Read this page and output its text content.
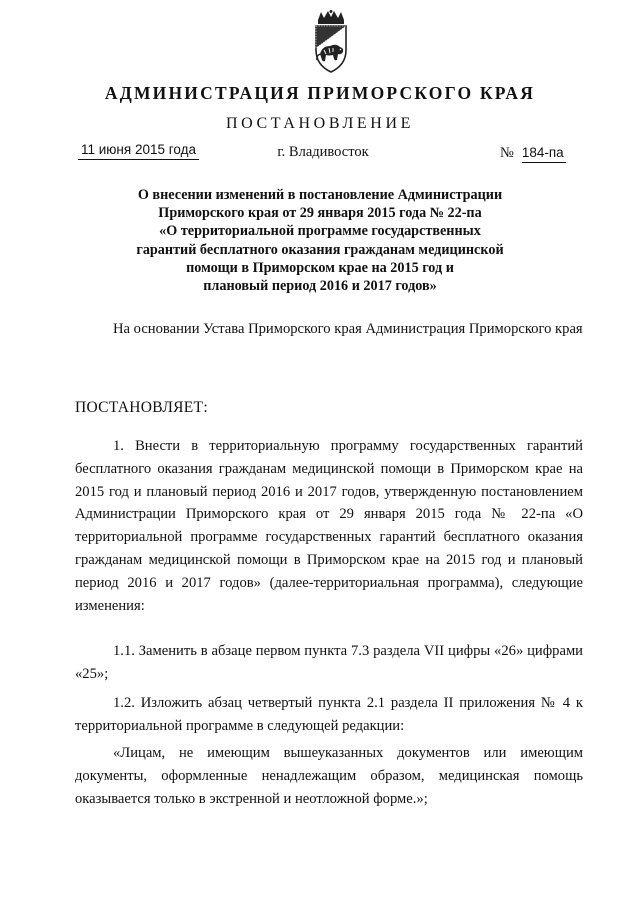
АДМИНИСТРАЦИЯ ПРИМОРСКОГО КРАЯ
ПОСТАНОВЛЕНИЕ
11 июня 2015 года	г. Владивосток	№ 184-па
О внесении изменений в постановление Администрации
Приморского края от 29 января 2015 года № 22-па
«О территориальной программе государственных
гарантий бесплатного оказания гражданам медицинской
помощи в Приморском крае на 2015 год и
плановый период 2016 и 2017 годов»
На основании Устава Приморского края Администрация Приморского края
ПОСТАНОВЛЯЕТ:
1. Внести в территориальную программу государственных гарантий бесплатного оказания гражданам медицинской помощи в Приморском крае на 2015 год и плановый период 2016 и 2017 годов, утвержденную постановлением Администрации Приморского края от 29 января 2015 года № 22-па «О территориальной программе государственных гарантий бесплатного оказания гражданам медицинской помощи в Приморском крае на 2015 год и плановый период 2016 и 2017 годов» (далее-территориальная программа), следующие изменения:
1.1. Заменить в абзаце первом пункта 7.3 раздела VII цифры «26» цифрами «25»;
1.2. Изложить абзац четвертый пункта 2.1 раздела II приложения № 4 к территориальной программе в следующей редакции:
«Лицам, не имеющим вышеуказанных документов или имеющим документы, оформленные ненадлежащим образом, медицинская помощь оказывается только в экстренной и неотложной форме.»;
